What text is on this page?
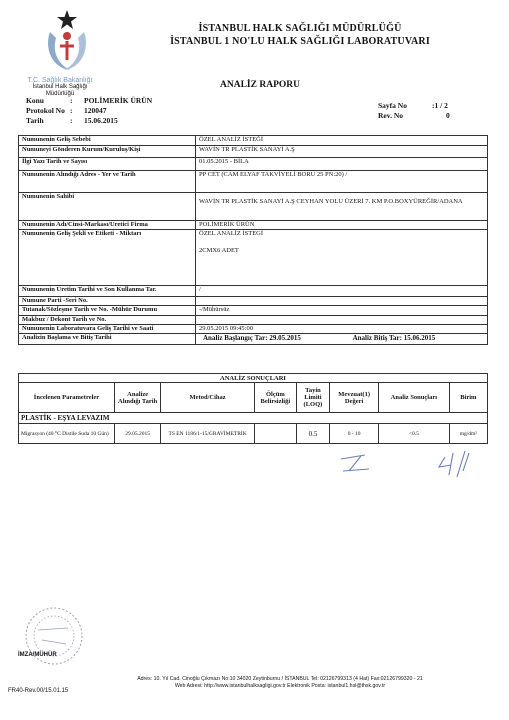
T.C. Sağlık Bakanlığı
İstanbul Halk Sağlığı
Müdürlüğü
İSTANBUL HALK SAĞLIĞI MÜDÜRLÜĞÜ
İSTANBUL 1 NO'LU HALK SAĞLIĞI LABORATUVARI
ANALİZ RAPORU
Konu	: POLİMERİK ÜRÜN
Protokol No : 120047
Tarih	: 15.06.2015
Sayfa No	:1 / 2
Rev. No	0
Numunenin Geliş Sebebi	ÖZEL ANALİZ İSTEĞİ
Numuneyi Gönderen Kurum/Kuruluş/Kişi	WAVİN TR PLASTİK SANAYİ A.Ş
İlgi Yazı Tarih ve Sayısı	01.05.2015 - BİLA
Numunenin Alındığı Adres - Yer ve Tarih	PP CET (CAM ELYAF TAKVİYELİ BORU 25 PN:20) /
Numunenin Sahibi	WAVİN TR PLASTİK SANAYİ A.Ş CEYHAN YOLU ÜZERİ 7. KM P.O.BOXYÜREĞİR/ADANA
Numunenin Adı/Cinsi-Markası/Üretici Firma	POLİMERİK ÜRÜN
Numunenin Geliş Şekli ve Etiketi - Miktarı	ÖZEL ANALİZ İSTEGİ
2CMX6 ADET

Numunenin Üretim Tarihi ve Son Kullanma Tar.	/
Numune Parti -Seri No.	
Tutanak/Sözleşme Tarih ve No. -Mühür Durumu	-/Mühürsüz
Makbuz / Dekont Tarih ve No.	
Numunenin Laboratuvara Geliş Tarihi ve Saati	29.05.2015 09:45:00
Analizin Başlama ve Bitiş Tarihi	Analiz Başlangıç Tar: 29.05.2015 Analiz Bitiş Tar: 15.06.2015
ANALİZ SONUÇLARI							
İncelenen Parametreler	Analize Alındığı Tarih	Metod/Cihaz	Ölçüm Belirsizliği	Tayin Limiti (LOQ)	Mevzuat(1) Değeri	Analiz Sonuçları	Birim
PLASTİK - EŞYA LEVAZIM							
Migrasyon (40 °C Distile Suda 10 Gün)	29.05.2015	TS EN 1186/1-15/GRAVİMETRİK		0.5	0 - 10	<0.5	mg/dm²
İMZA/MÜHÜR
Adres: 10. Yıl Cad. Cinoğlu Çıkmazı No:10 34020 Zeytinburnu / İSTANBUL Tel: 02126799313 (4 Hat) Fax:02126799320 - 21
Web Adresi: http://www.istanbulhalksagligi.gov.tr Elektronik Posta: istanbul1.hsl@thsk.gov.tr
FR40-Rev.00/15.01.15
